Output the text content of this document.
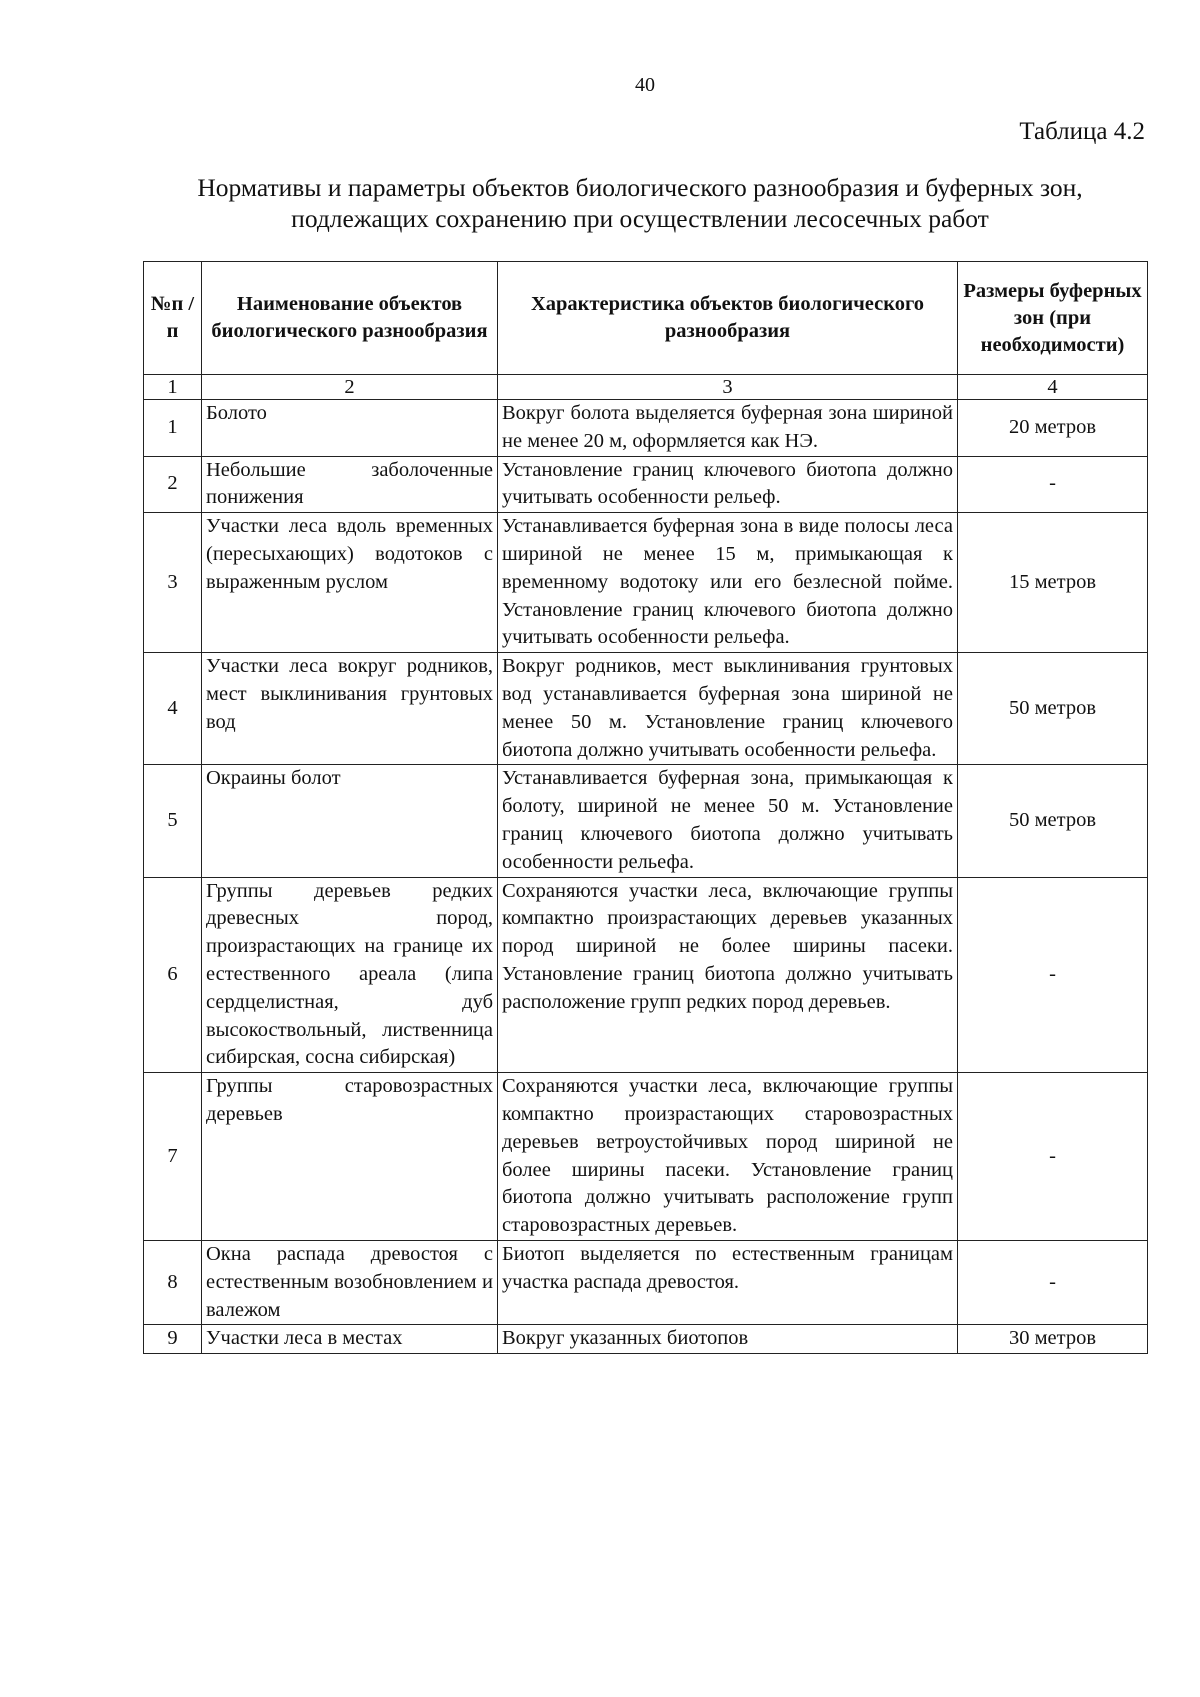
40
Таблица 4.2
Нормативы и параметры объектов биологического разнообразия и буферных зон,
подлежащих сохранению при осуществлении лесосечных работ
№п /п	Наименование объектов биологического разнообразия	Характеристика объектов биологического разнообразия	Размеры буферных зон (при необходимости)
1	2	3	4
1	Болото	Вокруг болота выделяется буферная зона шириной не менее 20 м, оформляется как НЭ.	20 метров
2	Небольшие заболоченные понижения	Установление границ ключевого биотопа должно учитывать особенности рельеф.	-
3	Участки леса вдоль временных (пересыхающих) водотоков с выраженным руслом	Устанавливается буферная зона в виде полосы леса шириной не менее 15 м, примыкающая к временному водотоку или его безлесной пойме. Установление границ ключевого биотопа должно учитывать особенности рельефа.	15 метров
4	Участки леса вокруг родников, мест выклинивания грунтовых вод	Вокруг родников, мест выклинивания грунтовых вод устанавливается буферная зона шириной не менее 50 м. Установление границ ключевого биотопа должно учитывать особенности рельефа.	50 метров
5	Окраины болот	Устанавливается буферная зона, примыкающая к болоту, шириной не менее 50 м. Установление границ ключевого биотопа должно учитывать особенности рельефа.	50 метров
6	Группы деревьев редких древесных пород, произрастающих на границе их естественного ареала (липа сердцелистная, дуб высокоствольный, лиственница сибирская, сосна сибирская)	Сохраняются участки леса, включающие группы компактно произрастающих деревьев указанных пород шириной не более ширины пасеки. Установление границ биотопа должно учитывать расположение групп редких пород деревьев.	-
7	Группы старовозрастных деревьев	Сохраняются участки леса, включающие группы компактно произрастающих старовозрастных деревьев ветроустойчивых пород шириной не более ширины пасеки. Установление границ биотопа должно учитывать расположение групп старовозрастных деревьев.	-
8	Окна распада древостоя с естественным возобновлением и валежом	Биотоп выделяется по естественным границам участка распада древостоя.	-
9	Участки леса в местах	Вокруг указанных биотопов	30 метров
